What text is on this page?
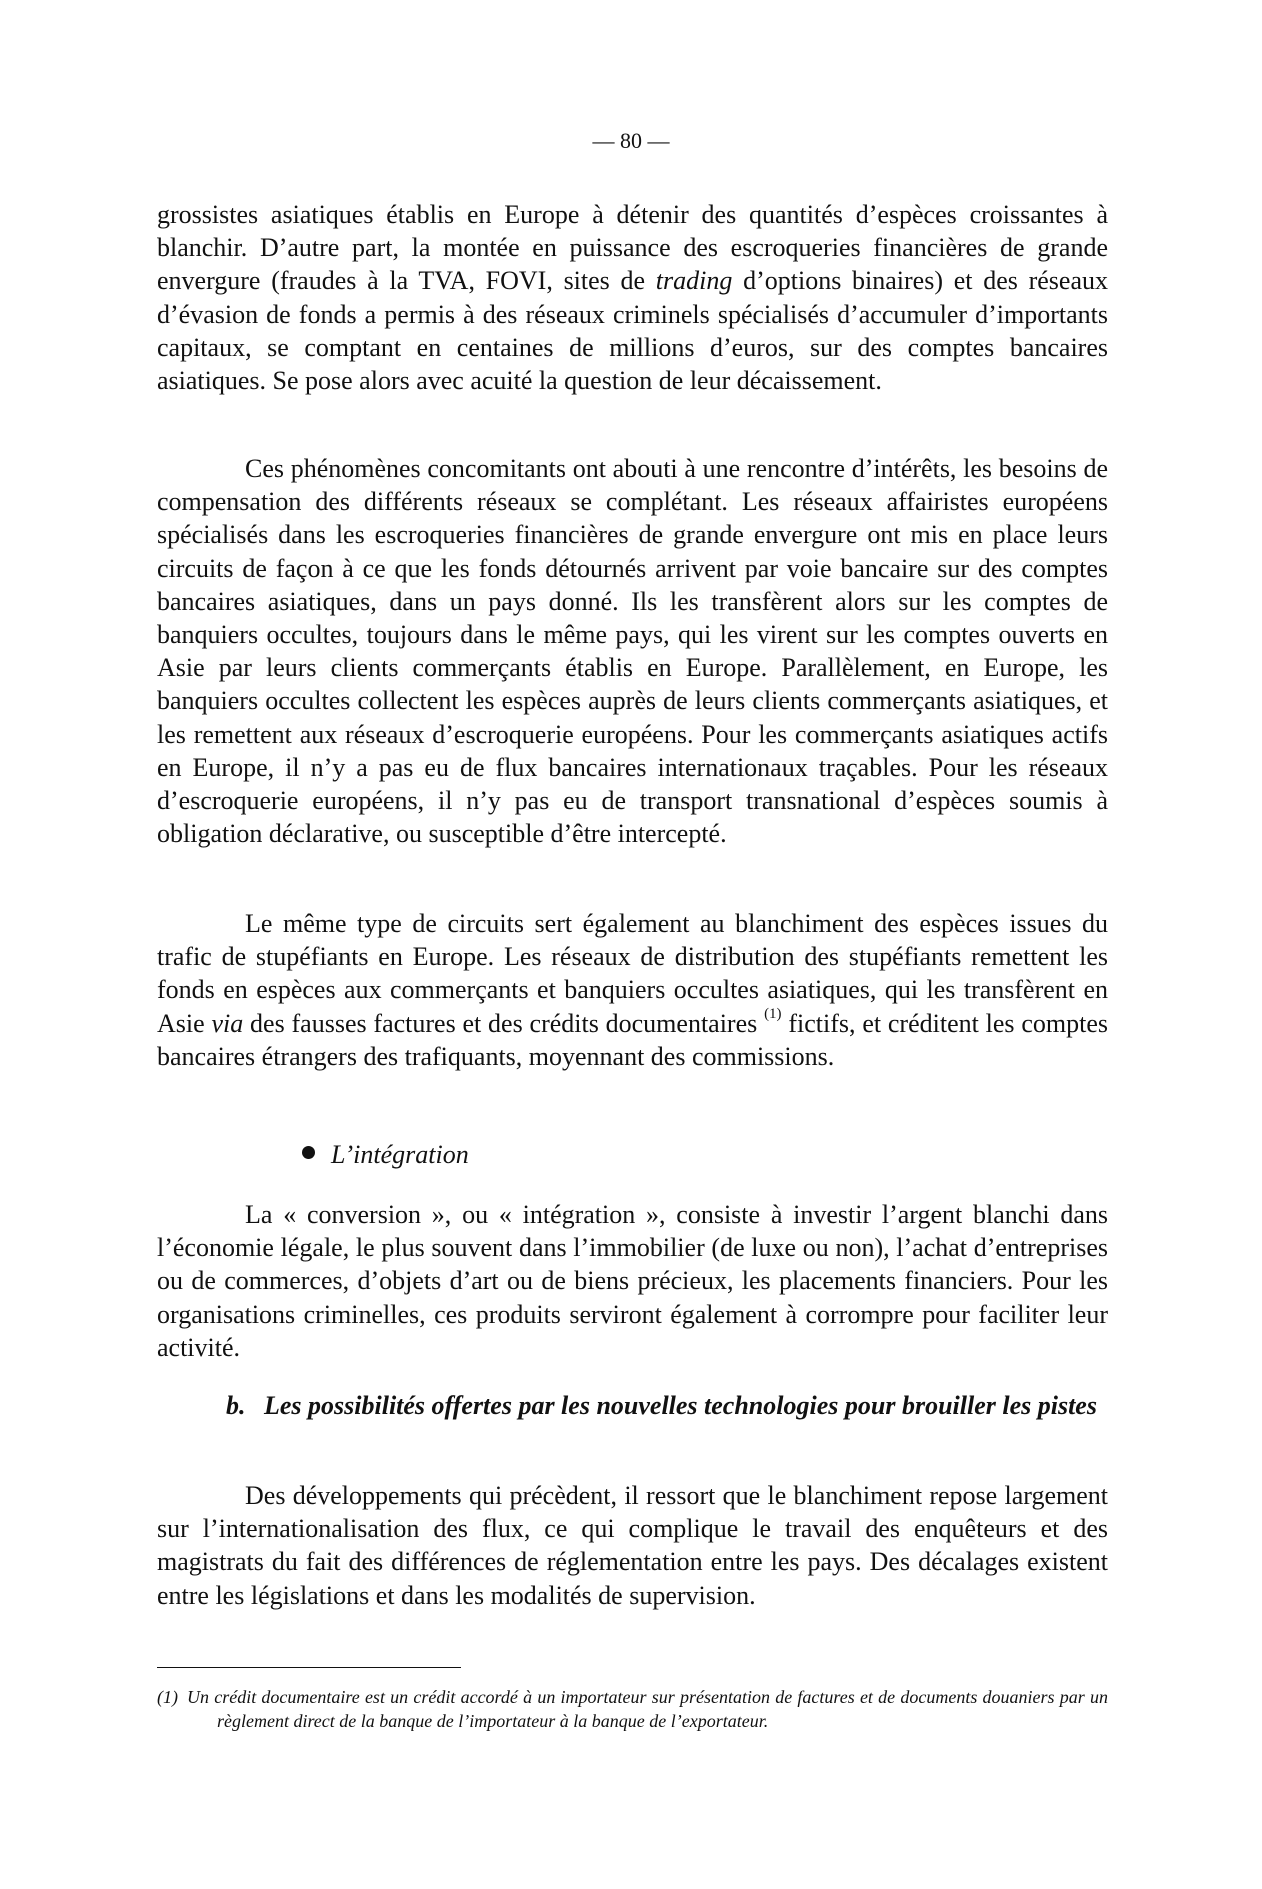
— 80 —

grossistes asiatiques établis en Europe à détenir des quantités d’espèces croissantes à blanchir. D’autre part, la montée en puissance des escroqueries financières de grande envergure (fraudes à la TVA, FOVI, sites de trading d’options binaires) et des réseaux d’évasion de fonds a permis à des réseaux criminels spécialisés d’accumuler d’importants capitaux, se comptant en centaines de millions d’euros, sur des comptes bancaires asiatiques. Se pose alors avec acuité la question de leur décaissement.

Ces phénomènes concomitants ont abouti à une rencontre d’intérêts, les besoins de compensation des différents réseaux se complétant. Les réseaux affairistes européens spécialisés dans les escroqueries financières de grande envergure ont mis en place leurs circuits de façon à ce que les fonds détournés arrivent par voie bancaire sur des comptes bancaires asiatiques, dans un pays donné. Ils les transfèrent alors sur les comptes de banquiers occultes, toujours dans le même pays, qui les virent sur les comptes ouverts en Asie par leurs clients commerçants établis en Europe. Parallèlement, en Europe, les banquiers occultes collectent les espèces auprès de leurs clients commerçants asiatiques, et les remettent aux réseaux d’escroquerie européens. Pour les commerçants asiatiques actifs en Europe, il n’y a pas eu de flux bancaires internationaux traçables. Pour les réseaux d’escroquerie européens, il n’y pas eu de transport transnational d’espèces soumis à obligation déclarative, ou susceptible d’être intercepté.

Le même type de circuits sert également au blanchiment des espèces issues du trafic de stupéfiants en Europe. Les réseaux de distribution des stupéfiants remettent les fonds en espèces aux commerçants et banquiers occultes asiatiques, qui les transfèrent en Asie via des fausses factures et des crédits documentaires $^{(1)}$ fictifs, et créditent les comptes bancaires étrangers des trafiquants, moyennant des commissions.

L’intégration

La « conversion », ou « intégration », consiste à investir l’argent blanchi dans l’économie légale, le plus souvent dans l’immobilier (de luxe ou non), l’achat d’entreprises ou de commerces, d’objets d’art ou de biens précieux, les placements financiers. Pour les organisations criminelles, ces produits serviront également à corrompre pour faciliter leur activité.

b. Les possibilités offertes par les nouvelles technologies pour brouiller les pistes

Des développements qui précèdent, il ressort que le blanchiment repose largement sur l’internationalisation des flux, ce qui complique le travail des enquêteurs et des magistrats du fait des différences de réglementation entre les pays. Des décalages existent entre les législations et dans les modalités de supervision.

(1) Un crédit documentaire est un crédit accordé à un importateur sur présentation de factures et de documents douaniers par un règlement direct de la banque de l’importateur à la banque de l’exportateur.
